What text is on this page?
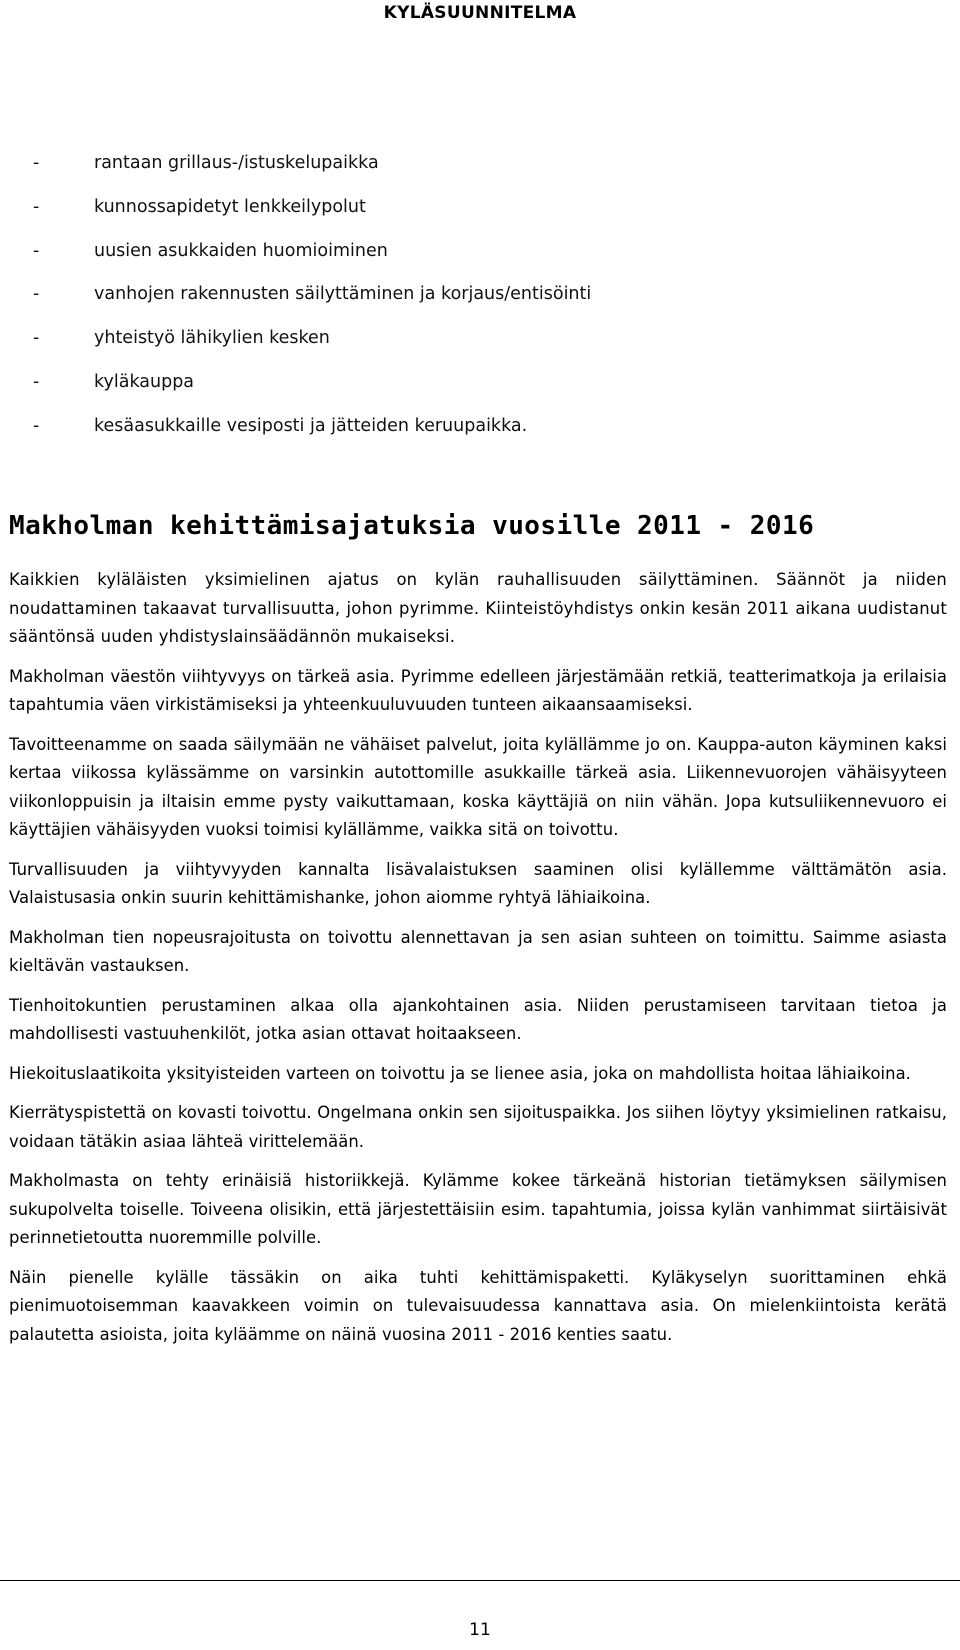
KYLÄSUUNNITELMA
-	rantaan grillaus-/istuskelupaikka
-	kunnossapidetyt lenkkeilypolut
-	uusien asukkaiden huomioiminen
-	vanhojen rakennusten säilyttäminen ja korjaus/entisöinti
-	yhteistyö lähikylien kesken
-	kyläkauppa
-	kesäasukkaille vesiposti ja jätteiden keruupaikka.
Makholman kehittämisajatuksia vuosille 2011 - 2016

Kaikkien kyläläisten yksimielinen ajatus on kylän rauhallisuuden säilyttäminen. Säännöt ja niiden noudattaminen takaavat turvallisuutta, johon pyrimme. Kiinteistöyhdistys onkin kesän 2011 aikana uudistanut sääntönsä uuden yhdistyslainsäädännön mukaiseksi.

Makholman väestön viihtyvyys on tärkeä asia. Pyrimme edelleen järjestämään retkiä, teatterimatkoja ja erilaisia tapahtumia väen virkistämiseksi ja yhteenkuuluvuuden tunteen aikaansaamiseksi.

Tavoitteenamme on saada säilymään ne vähäiset palvelut, joita kylällämme jo on. Kauppa-auton käyminen kaksi kertaa viikossa kylässämme on varsinkin autottomille asukkaille tärkeä asia. Liikennevuorojen vähäisyyteen viikonloppuisin ja iltaisin emme pysty vaikuttamaan, koska käyttäjiä on niin vähän. Jopa kutsuliikennevuoro ei käyttäjien vähäisyyden vuoksi toimisi kylällämme, vaikka sitä on toivottu.

Turvallisuuden ja viihtyvyyden kannalta lisävalaistuksen saaminen olisi kylällemme välttämätön asia. Valaistusasia onkin suurin kehittämishanke, johon aiomme ryhtyä lähiaikoina.

Makholman tien nopeusrajoitusta on toivottu alennettavan ja sen asian suhteen on toimittu. Saimme asiasta kieltävän vastauksen.

Tienhoitokuntien perustaminen alkaa olla ajankohtainen asia. Niiden perustamiseen tarvitaan tietoa ja mahdollisesti vastuuhenkilöt, jotka asian ottavat hoitaakseen.

Hiekoituslaatikoita yksityisteiden varteen on toivottu ja se lienee asia, joka on mahdollista hoitaa lähiaikoina.

Kierrätyspistettä on kovasti toivottu. Ongelmana onkin sen sijoituspaikka. Jos siihen löytyy yksimielinen ratkaisu, voidaan tätäkin asiaa lähteä virittelemään.

Makholmasta on tehty erinäisiä historiikkejä. Kylämme kokee tärkeänä historian tietämyksen säilymisen sukupolvelta toiselle. Toiveena olisikin, että järjestettäisiin esim. tapahtumia, joissa kylän vanhimmat siirtäisivät perinnetietoutta nuoremmille polville.

Näin pienelle kylälle tässäkin on aika tuhti kehittämispaketti. Kyläkyselyn suorittaminen ehkä pienimuotoisemman kaavakkeen voimin on tulevaisuudessa kannattava asia. On mielenkiintoista kerätä palautetta asioista, joita kyläämme on näinä vuosina 2011 - 2016 kenties saatu.

11
